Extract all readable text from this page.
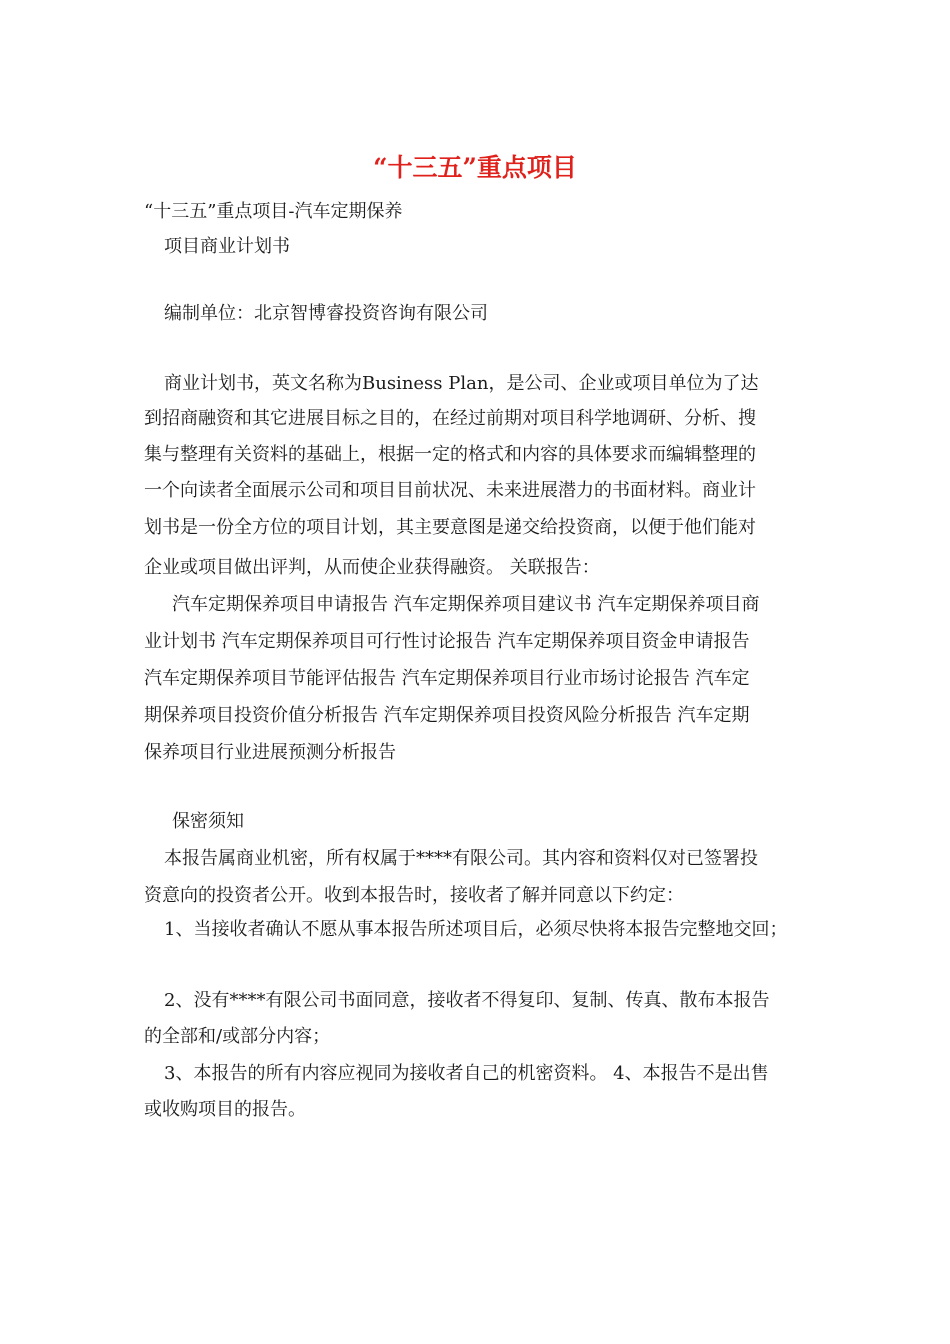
“十三五”重点项目
“十三五”重点项目-汽车定期保养
项目商业计划书
编制单位：北京智博睿投资咨询有限公司
商业计划书，英文名称为Business Plan，是公司、企业或项目单位为了达
到招商融资和其它进展目标之目的，在经过前期对项目科学地调研、分析、搜
集与整理有关资料的基础上，根据一定的格式和内容的具体要求而编辑整理的
一个向读者全面展示公司和项目目前状况、未来进展潜力的书面材料。商业计
划书是一份全方位的项目计划，其主要意图是递交给投资商，以便于他们能对
企业或项目做出评判，从而使企业获得融资。 关联报告：
汽车定期保养项目申请报告 汽车定期保养项目建议书 汽车定期保养项目商
业计划书 汽车定期保养项目可行性讨论报告 汽车定期保养项目资金申请报告
汽车定期保养项目节能评估报告 汽车定期保养项目行业市场讨论报告 汽车定
期保养项目投资价值分析报告 汽车定期保养项目投资风险分析报告 汽车定期
保养项目行业进展预测分析报告
保密须知
本报告属商业机密，所有权属于****有限公司。其内容和资料仅对已签署投
资意向的投资者公开。收到本报告时，接收者了解并同意以下约定：
1、当接收者确认不愿从事本报告所述项目后，必须尽快将本报告完整地交回；
2、没有****有限公司书面同意，接收者不得复印、复制、传真、散布本报告
的全部和/或部分内容；
3、本报告的所有内容应视同为接收者自己的机密资料。 4、本报告不是出售
或收购项目的报告。
